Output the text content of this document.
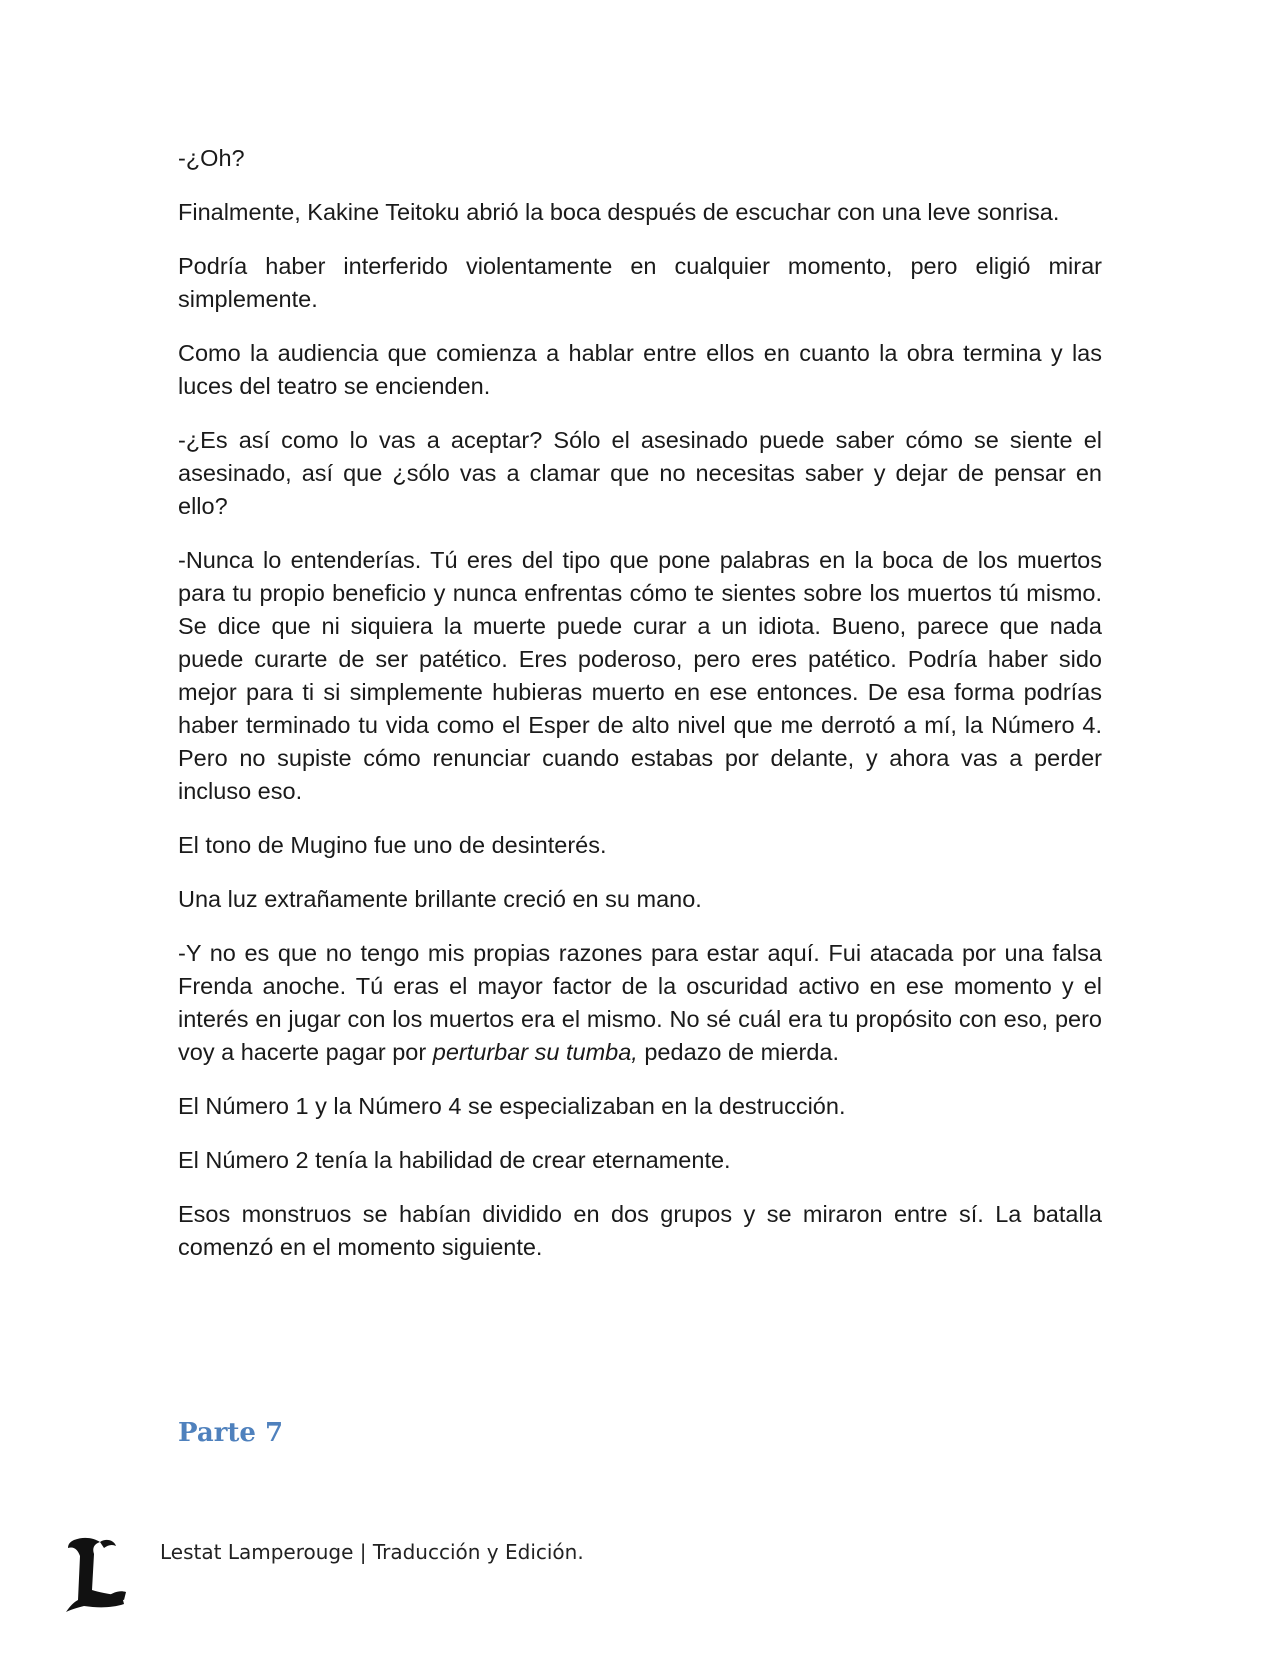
-¿Oh?

Finalmente, Kakine Teitoku abrió la boca después de escuchar con una leve sonrisa.

Podría haber interferido violentamente en cualquier momento, pero eligió mirar simplemente.

Como la audiencia que comienza a hablar entre ellos en cuanto la obra termina y las luces del teatro se encienden.

-¿Es así como lo vas a aceptar? Sólo el asesinado puede saber cómo se siente el asesinado, así que ¿sólo vas a clamar que no necesitas saber y dejar de pensar en ello?

-Nunca lo entenderías. Tú eres del tipo que pone palabras en la boca de los muertos para tu propio beneficio y nunca enfrentas cómo te sientes sobre los muertos tú mismo. Se dice que ni siquiera la muerte puede curar a un idiota. Bueno, parece que nada puede curarte de ser patético. Eres poderoso, pero eres patético. Podría haber sido mejor para ti si simplemente hubieras muerto en ese entonces. De esa forma podrías haber terminado tu vida como el Esper de alto nivel que me derrotó a mí, la Número 4. Pero no supiste cómo renunciar cuando estabas por delante, y ahora vas a perder incluso eso.

El tono de Mugino fue uno de desinterés.

Una luz extrañamente brillante creció en su mano.

-Y no es que no tengo mis propias razones para estar aquí. Fui atacada por una falsa Frenda anoche. Tú eras el mayor factor de la oscuridad activo en ese momento y el interés en jugar con los muertos era el mismo. No sé cuál era tu propósito con eso, pero voy a hacerte pagar por perturbar su tumba, pedazo de mierda.

El Número 1 y la Número 4 se especializaban en la destrucción.

El Número 2 tenía la habilidad de crear eternamente.

Esos monstruos se habían dividido en dos grupos y se miraron entre sí. La batalla comenzó en el momento siguiente.

Parte 7

Lestat Lamperouge | Traducción y Edición.
